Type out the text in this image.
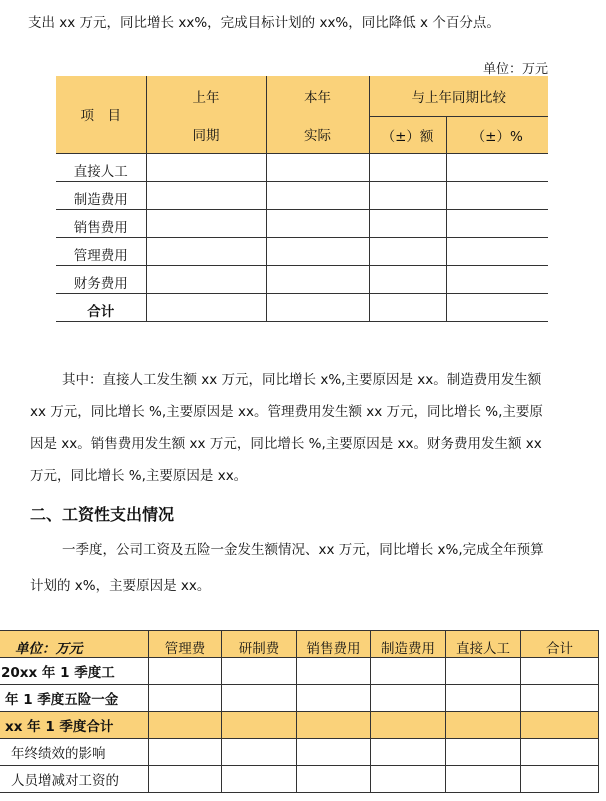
支出 xx 万元，同比增长 xx%，完成目标计划的 xx%，同比降低 x 个百分点。
单位：万元
项　目	上年	本年	与上年同期比较	
	同期	实际	（±）额	（±）%
直接人工				
制造费用				
销售费用				
管理费用				
财务费用				
合计				
其中：直接人工发生额 xx 万元，同比增长 x%,主要原因是 xx。制造费用发生额
xx 万元，同比增长 %,主要原因是 xx。管理费用发生额 xx 万元，同比增长 %,主要原
因是 xx。销售费用发生额 xx 万元，同比增长 %,主要原因是 xx。财务费用发生额 xx
万元，同比增长 %,主要原因是 xx。
二、工资性支出情况
一季度，公司工资及五险一金发生额情况、xx 万元，同比增长 x%,完成全年预算
计划的 x%，主要原因是 xx。
单位：万元	管理费	研制费	销售费用	制造费用	直接人工	合计
20xx 年 1 季度工						
年 1 季度五险一金						
xx 年 1 季度合计						
年终绩效的影响						
人员增减对工资的						
